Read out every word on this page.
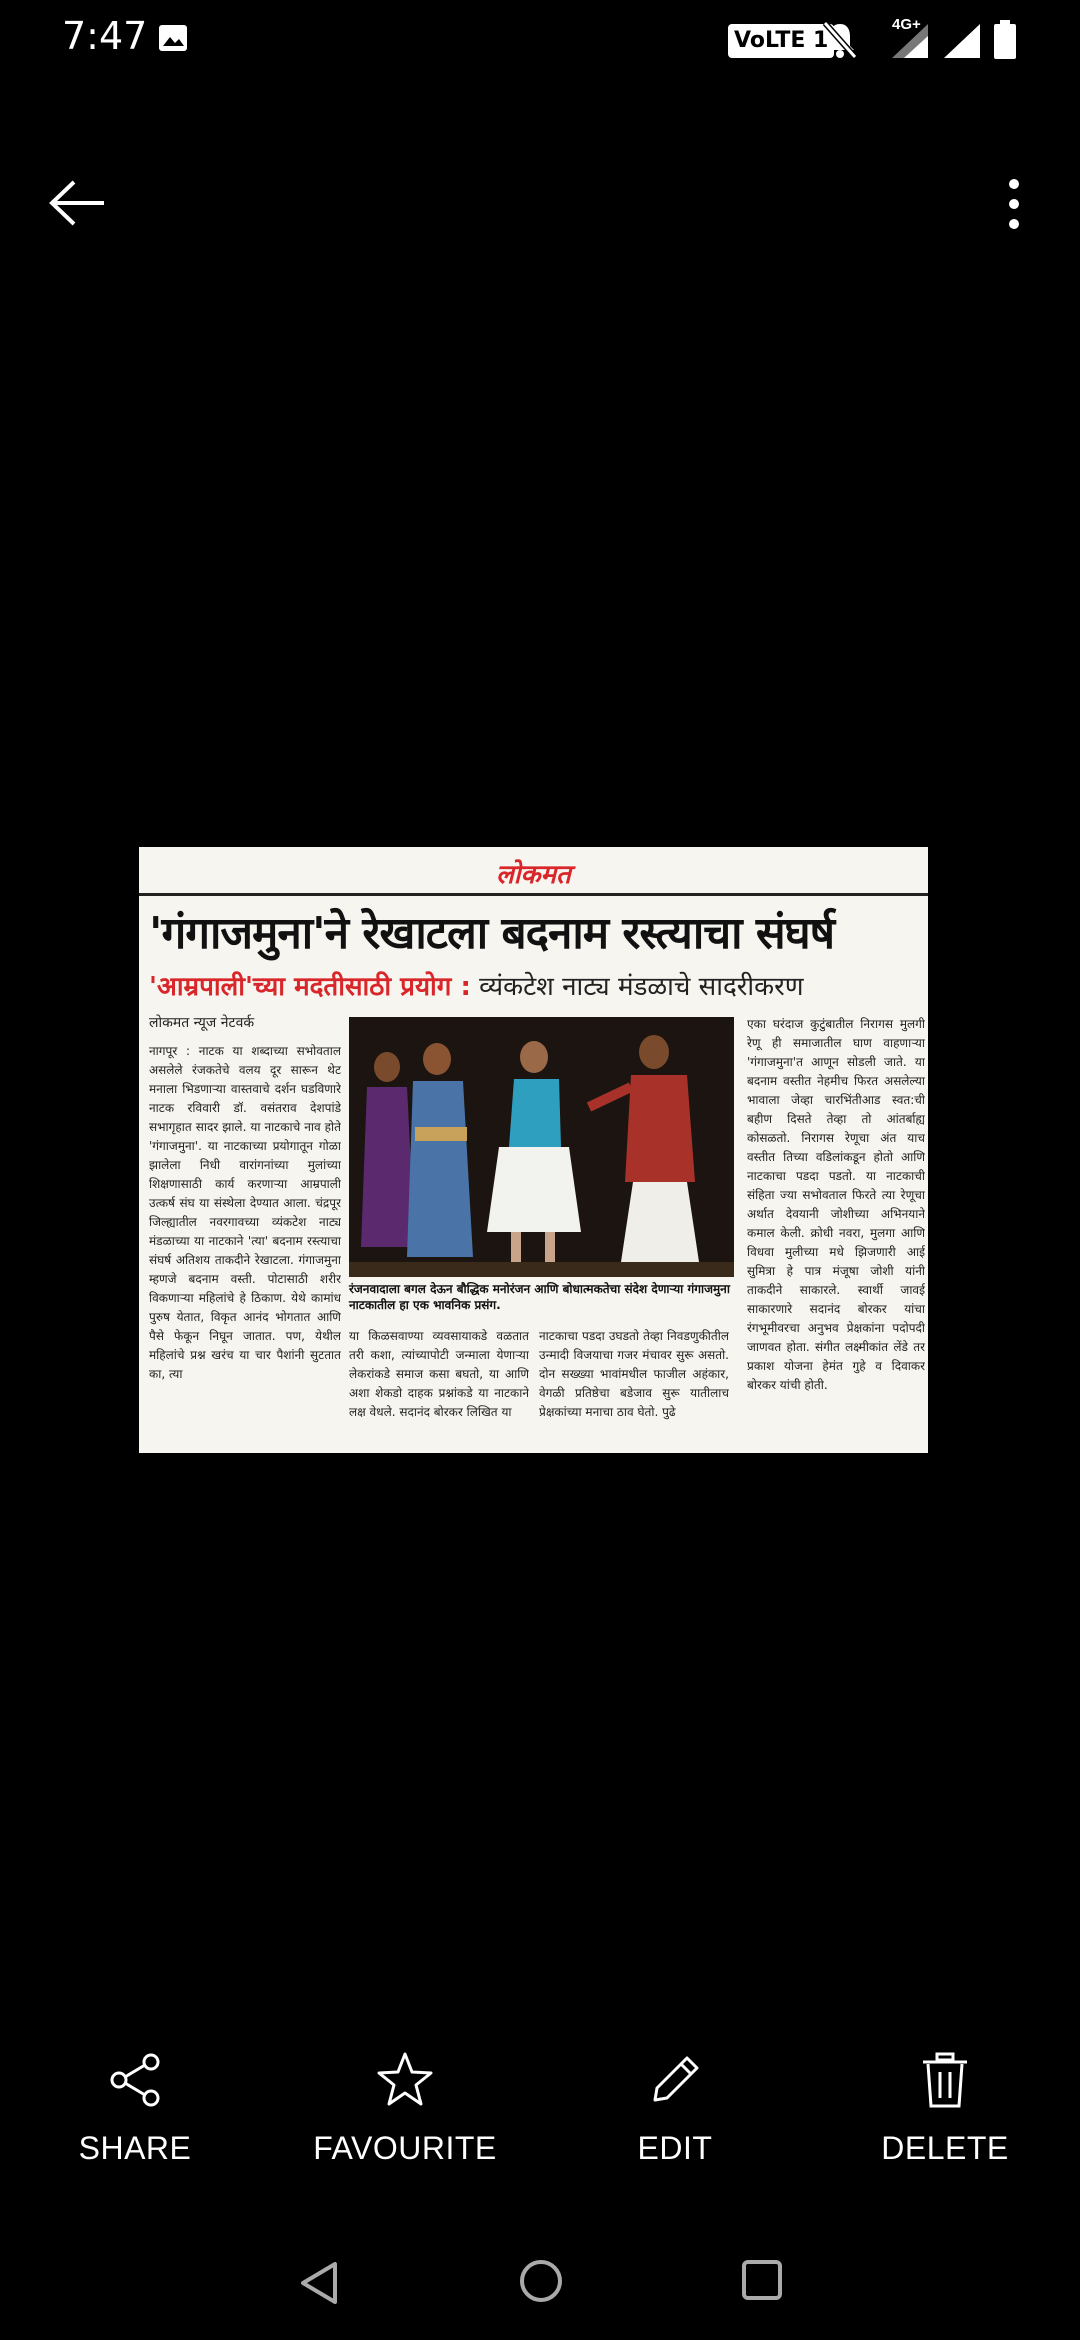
7:47	VoLTE 1
4G+
लोकमत
'गंगाजमुना'ने रेखाटला बदनाम रस्त्याचा संघर्ष
'आम्रपाली'च्या मदतीसाठी प्रयोग : व्यंकटेश नाट्य मंडळाचे सादरीकरण
लोकमत न्यूज नेटवर्क
नागपूर : नाटक या शब्दाच्या सभोवताल असलेले रंजकतेचे वलय दूर सारून थेट मनाला भिडणाऱ्या वास्तवाचे दर्शन घडविणारे नाटक रविवारी डॉ. वसंतराव देशपांडे सभागृहात सादर झाले. या नाटकाचे नाव होते 'गंगाजमुना'. या नाटकाच्या प्रयोगातून गोळा झालेला निधी वारांगनांच्या मुलांच्या शिक्षणासाठी कार्य करणाऱ्या आम्रपाली उत्कर्ष संघ या संस्थेला देण्यात आला. चंद्रपूर जिल्ह्यातील नवरगावच्या व्यंकटेश नाट्य मंडळाच्या या नाटकाने 'त्या' बदनाम रस्त्याचा संघर्ष अतिशय ताकदीने रेखाटला. गंगाजमुना म्हणजे बदनाम वस्ती. पोटासाठी शरीर विकणाऱ्या महिलांचे हे ठिकाण. येथे कामांध पुरुष येतात, विकृत आनंद भोगतात आणि पैसे फेकून निघून जातात. पण, येथील महिलांचे प्रश्न खरंच या चार पैशांनी सुटतात का, त्या
रंजनवादाला बगल देऊन बौद्धिक मनोरंजन आणि बोधात्मकतेचा संदेश देणाऱ्या गंगाजमुना नाटकातील हा एक भावनिक प्रसंग.
या किळसवाण्या व्यवसायाकडे वळतात तरी कशा, त्यांच्यापोटी जन्माला येणाऱ्या लेकरांकडे समाज कसा बघतो, या आणि अशा शेकडो दाहक प्रश्नांकडे या नाटकाने लक्ष वेधले. सदानंद बोरकर लिखित या
नाटकाचा पडदा उघडतो तेव्हा निवडणुकीतील उन्मादी विजयाचा गजर मंचावर सुरू असतो. दोन सख्ख्या भावांमधील फाजील अहंकार, वेगळी प्रतिष्ठेचा बडेजाव सुरू यातीलाच प्रेक्षकांच्या मनाचा ठाव घेतो. पुढे
एका घरंदाज कुटुंबातील निरागस मुलगी रेणू ही समाजातील घाण वाहणाऱ्या 'गंगाजमुना'त आणून सोडली जाते. या बदनाम वस्तीत नेहमीच फिरत असलेल्या भावाला जेव्हा चारभिंतीआड स्वत:ची बहीण दिसते तेव्हा तो आंतर्बाह्य कोसळतो. निरागस रेणूचा अंत याच वस्तीत तिच्या वडिलांकडून होतो आणि नाटकाचा पडदा पडतो. या नाटकाची संहिता ज्या सभोवताल फिरते त्या रेणूचा अर्थात देवयानी जोशीच्या अभिनयाने कमाल केली. क्रोधी नवरा, मुलगा आणि विधवा मुलीच्या मधे झिजणारी आई सुमित्रा हे पात्र मंजूषा जोशी यांनी ताकदीने साकारले. स्वार्थी जावई साकारणारे सदानंद बोरकर यांचा रंगभूमीवरचा अनुभव प्रेक्षकांना पदोपदी जाणवत होता. संगीत लक्ष्मीकांत लेंडे तर प्रकाश योजना हेमंत गुहे व दिवाकर बोरकर यांची होती.
SHARE	FAVOURITE	EDIT	DELETE
